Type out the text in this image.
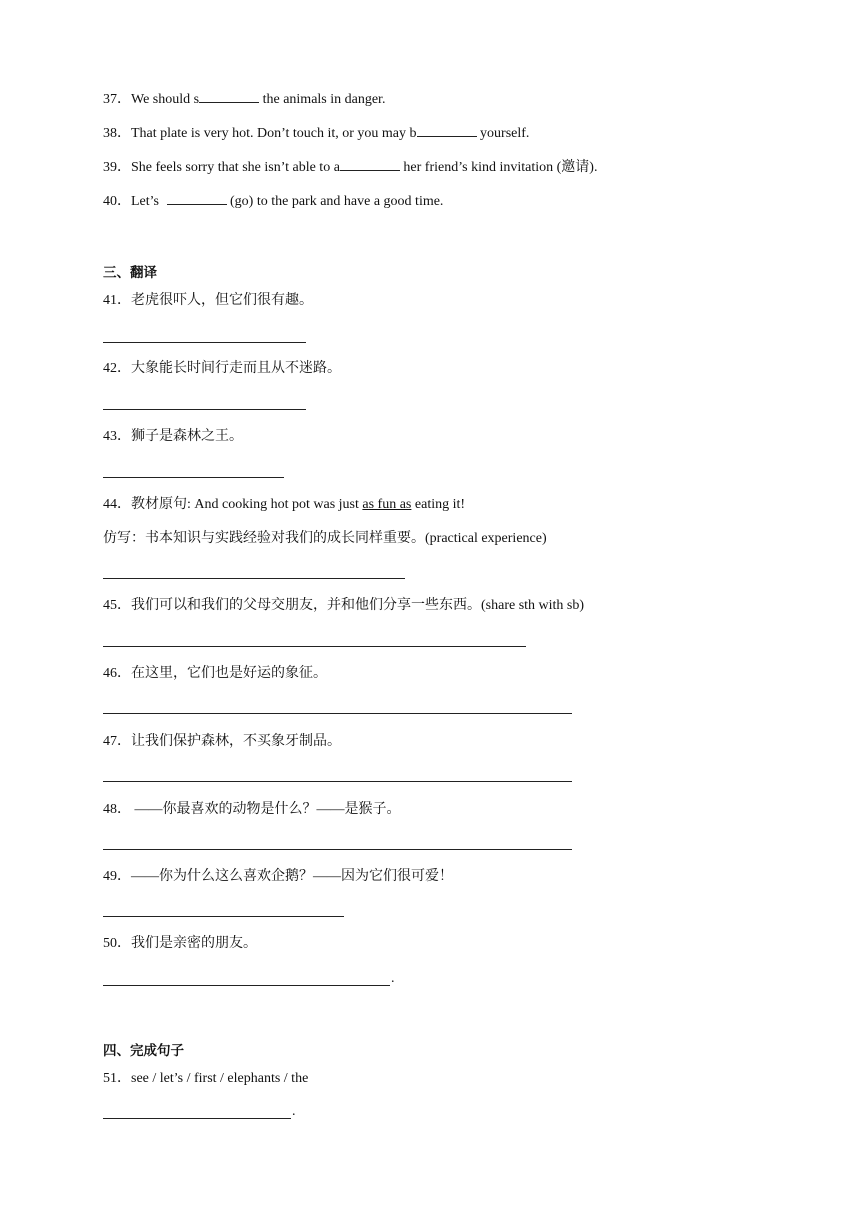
37．We should s	the animals in danger.
38．That plate is very hot. Don’t touch it, or you may b	yourself.
39．She feels sorry that she isn’t able to a	her friend’s kind invitation (邀请).
40．Let’s	(go) to the park and have a good time.
三、翻译
41．老虎很吓人，但它们很有趣。
42．大象能长时间行走而且从不迷路。
43．狮子是森林之王。
44．教材原句: And cooking hot pot was just as fun as eating it!
仿写：书本知识与实践经验对我们的成长同样重要。(practical experience)
45．我们可以和我们的父母交朋友，并和他们分享一些东西。(share sth with sb)
46．在这里，它们也是好运的象征。
47．让我们保护森林，不买象牙制品。
48． ——你最喜欢的动物是什么？——是猴子。
49．——你为什么这么喜欢企鹅？——因为它们很可爱！
50．我们是亲密的朋友。
.
四、完成句子
51．see / let’s / first / elephants / the
.
